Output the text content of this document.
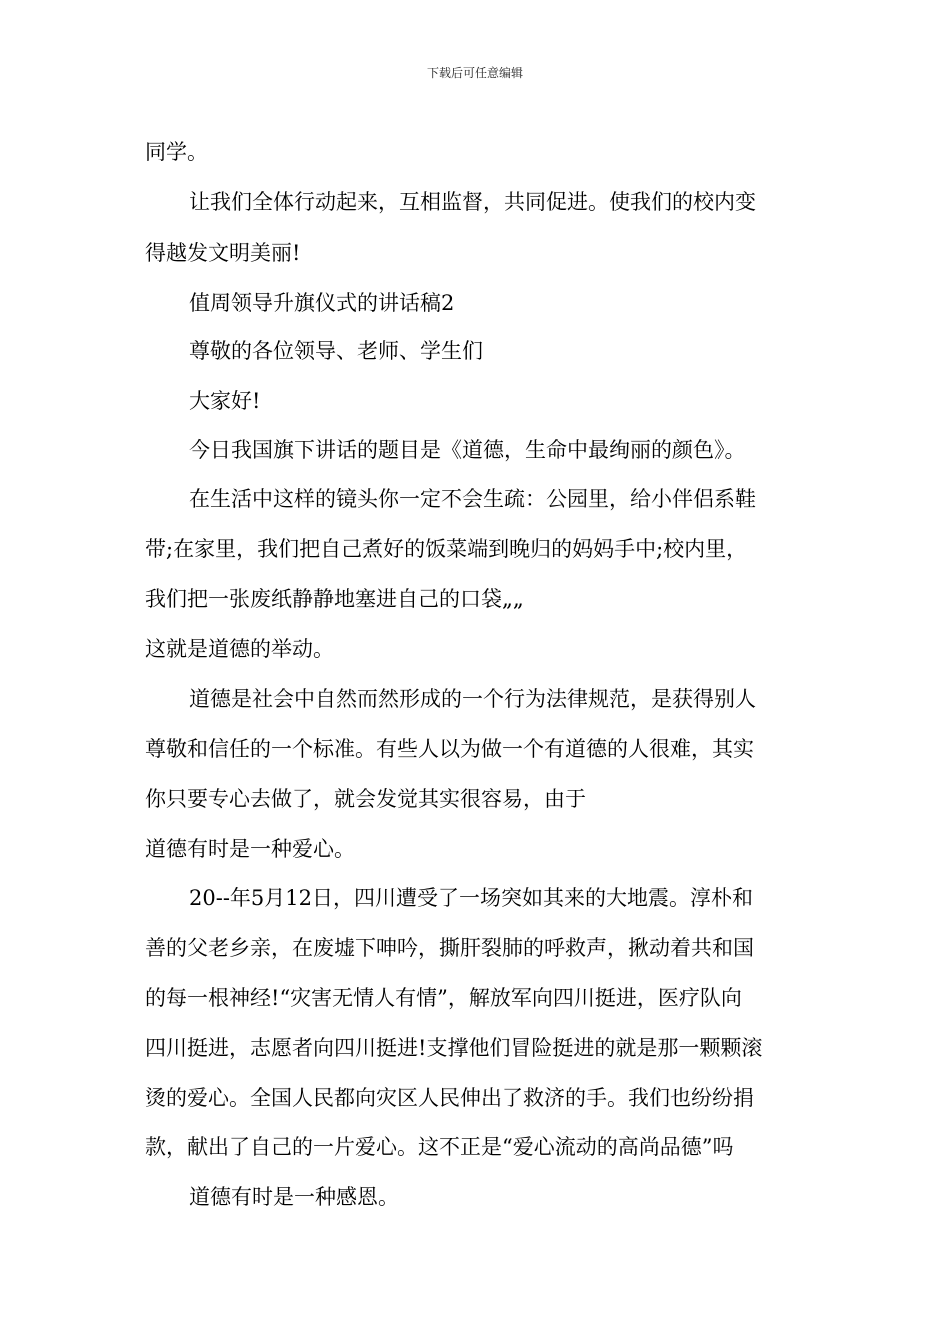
下载后可任意编辑
同学。
让我们全体行动起来，互相监督，共同促进。使我们的校内变
得越发文明美丽!
值周领导升旗仪式的讲话稿2
尊敬的各位领导、老师、学生们
大家好!
今日我国旗下讲话的题目是《道德，生命中最绚丽的颜色》。
在生活中这样的镜头你一定不会生疏：公园里，给小伴侣系鞋
带;在家里，我们把自己煮好的饭菜端到晚归的妈妈手中;校内里，
我们把一张废纸静静地塞进自己的口袋„„
这就是道德的举动。
道德是社会中自然而然形成的一个行为法律规范，是获得别人
尊敬和信任的一个标准。有些人以为做一个有道德的人很难，其实
你只要专心去做了，就会发觉其实很容易，由于
道德有时是一种爱心。
20--年5月12日，四川遭受了一场突如其来的大地震。淳朴和
善的父老乡亲，在废墟下呻吟，撕肝裂肺的呼救声，揪动着共和国
的每一根神经!“灾害无情人有情”，解放军向四川挺进，医疗队向
四川挺进，志愿者向四川挺进!支撑他们冒险挺进的就是那一颗颗滚
烫的爱心。全国人民都向灾区人民伸出了救济的手。我们也纷纷捐
款，献出了自己的一片爱心。这不正是“爱心流动的高尚品德”吗
道德有时是一种感恩。
